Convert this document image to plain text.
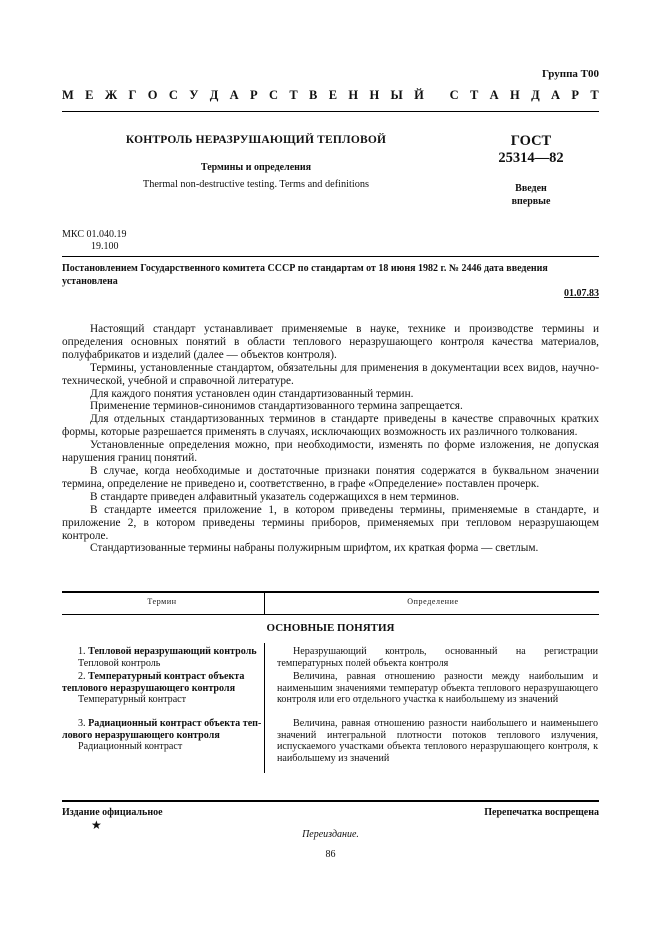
Группа Т00
М Е Ж Г О С У Д А Р С Т В Е Н Н Ы Й
С Т А Н Д А Р Т
КОНТРОЛЬ НЕРАЗРУШАЮЩИЙ ТЕПЛОВОЙ
Термины и определения
Thermal non-destructive testing. Terms and definitions
ГОСТ
25314—82
Введен
впервые
МКС 01.040.19
19.100
Постановлением Государственного комитета СССР по стандартам от 18 июня 1982 г. № 2446 дата введения установлена
01.07.83

Настоящий стандарт устанавливает применяемые в науке, технике и производстве термины и определения основных понятий в области теплового неразрушающего контроля качества материалов, полуфабрикатов и изделий (далее — объектов контроля).

Термины, установленные стандартом, обязательны для применения в документации всех видов, научно-технической, учебной и справочной литературе.

Для каждого понятия установлен один стандартизованный термин.

Применение терминов-синонимов стандартизованного термина запрещается.

Для отдельных стандартизованных терминов в стандарте приведены в качестве справочных кратких формы, которые разрешается применять в случаях, исключающих возможность их различного толкования.

Установленные определения можно, при необходимости, изменять по форме изложения, не допуская нарушения границ понятий.

В случае, когда необходимые и достаточные признаки понятия содержатся в буквальном значении термина, определение не приведено и, соответственно, в графе «Определение» поставлен прочерк.

В стандарте приведен алфавитный указатель содержащихся в нем терминов.

В стандарте имеется приложение 1, в котором приведены термины, применяемые в стандарте, и приложение 2, в котором приведены термины приборов, применяемых при тепловом неразрушающем контроле.

Стандартизованные термины набраны полужирным шрифтом, их краткая форма — светлым.

Термин	Определение
ОСНОВНЫЕ ПОНЯТИЯ
1. Тепловой неразрушающий контроль
Тепловой контроль
2. Температурный контраст объекта
теплового неразрушающего контроля
Температурный контраст
3. Радиационный контраст объекта теп-
лового неразрушающего контроля
Радиационный контраст

Неразрушающий контроль, основанный на регистрации температурных полей объекта контроля

Величина, равная отношению разности между наибольшим и наименьшим значениями температур объекта теплового неразрушающего контроля или его отдельного участка к наибольшему из значений

Величина, равная отношению разности наибольшего и наименьшего значений интегральной плотности потоков теплового излучения, испускаемого участками объекта теплового неразрушающего контроля, к наибольшему из значений

Издание официальное	Перепечатка воспрещена
★
Переиздание.
86
